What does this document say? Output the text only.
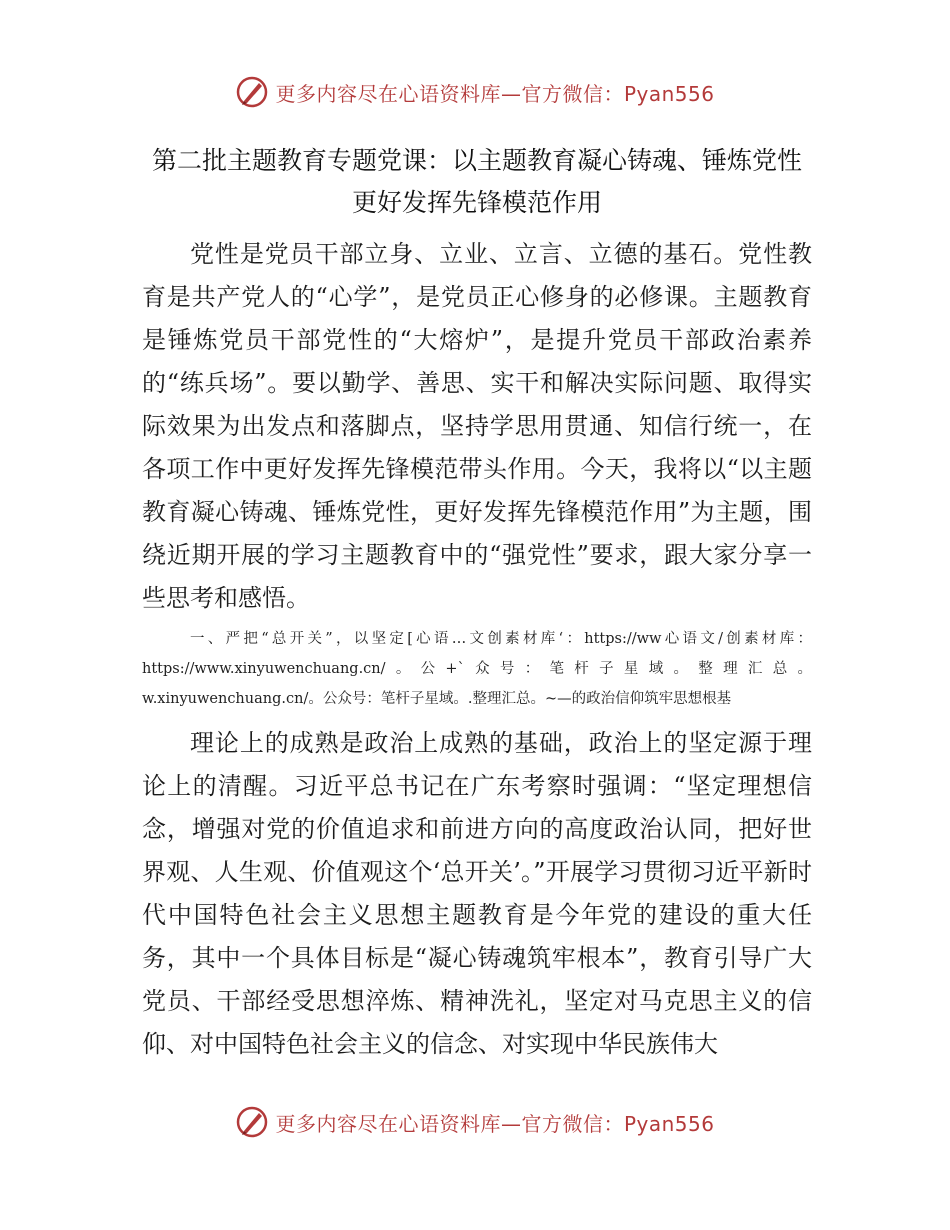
更多内容尽在心语资料库—官方微信：Pyan556
第二批主题教育专题党课：以主题教育凝心铸魂、锤炼党性更好发挥先锋模范作用
党性是党员干部立身、立业、立言、立德的基石。党性教育是共产党人的“心学”，是党员正心修身的必修课。主题教育是锤炼党员干部党性的“大熔炉”，是提升党员干部政治素养的“练兵场”。要以勤学、善思、实干和解决实际问题、取得实际效果为出发点和落脚点，坚持学思用贯通、知信行统一，在各项工作中更好发挥先锋模范带头作用。今天，我将以“以主题教育凝心铸魂、锤炼党性，更好发挥先锋模范作用”为主题，围绕近期开展的学习主题教育中的“强党性”要求，跟大家分享一些思考和感悟。
一、严把“总开关”，以坚定[心语…文创素材库‘：https://ww心语文/创素材库：https://www.xinyuwenchuang.cn/。公+`众号：笔杆子星域。整理汇总。w.xinyuwenchuang.cn/。公众号：笔杆子星域。.整理汇总。~—的政治信仰筑牢思想根基
理论上的成熟是政治上成熟的基础，政治上的坚定源于理论上的清醒。习近平总书记在广东考察时强调：“坚定理想信念，增强对党的价值追求和前进方向的高度政治认同，把好世界观、人生观、价值观这个‘总开关’。”开展学习贯彻习近平新时代中国特色社会主义思想主题教育是今年党的建设的重大任务，其中一个具体目标是“凝心铸魂筑牢根本”，教育引导广大党员、干部经受思想淬炼、精神洗礼，坚定对马克思主义的信仰、对中国特色社会主义的信念、对实现中华民族伟大
更多内容尽在心语资料库—官方微信：Pyan556
